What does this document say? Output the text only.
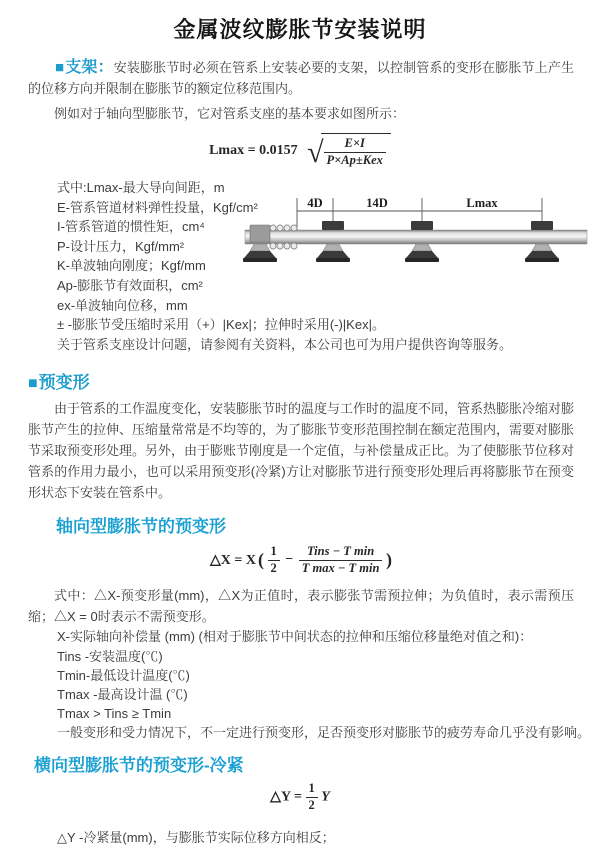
金属波纹膨胀节安装说明
■支架：安装膨胀节时必须在管系上安装必要的支架，以控制管系的变形在膨胀节上产生的位移方向并限制在膨胀节的额定位移范围内。
例如对于轴向型膨胀节，它对管系支座的基本要求如图所示：
Lmax = 0.0157 √ $\frac{E\times I}{\text{P×Ap±Kex}}$
式中:Lmax-最大导向间距，m
E-管系管道材料弹性投量，Kgf/cm²
I-管系管道的惯性矩，cm⁴
P-设计压力，Kgf/mm²
K-单波轴向刚度；Kgf/mm
Ap-膨胀节有效面积，cm²
ex-单波轴向位移，mm
4D	14D	Lmax
± -膨胀节受压缩时采用（+）|Kex|；拉伸时采用(-)|Kex|。
关于管系支座设计问题，请参阅有关资料，本公司也可为用户提供咨询等服务。
■预变形
由于管系的工作温度变化，安装膨胀节时的温度与工作时的温度不同，管系热膨胀冷缩对膨胀节产生的拉伸、压缩量常常是不均等的，为了膨胀节变形范围控制在额定范围内，需要对膨胀节采取预变形处理。另外，由于膨账节刚度是一个定值，与补偿量成正比。为了使膨胀节位移对管系的作用力最小，也可以采用预变形(冷紧)方让对膨胀节进行预变形处理后再将膨胀节在预变形状态下安装在管系中。
轴向型膨胀节的预变形
△X = X ( $\frac{1}{2} - \frac{\text{Tins − T min}}{\text{T max − T min}}$ )
式中：△X-预变形量(mm)，△X为正值时，表示膨张节需预拉伸；为负值时，表示需预压缩；△X = 0时表示不需预变形。
X-实际轴向补偿量 (mm) (相对于膨胀节中间状态的拉伸和压缩位移量绝对值之和)：
Tins -安装温度(℃)
Tmin-最低设计温度(℃)
Tmax -最高设计温 (℃)
Tmax > Tins ≥ Tmin
一般变形和受力情况下，不一定进行预变形，足否预变形对膨胀节的疲劳寿命几乎没有影响。
横向型膨胀节的预变形-冷紧
△Y = $\frac{1}{2}$ Y
△Y -冷紧量(mm)，与膨胀节实际位移方向相反；
